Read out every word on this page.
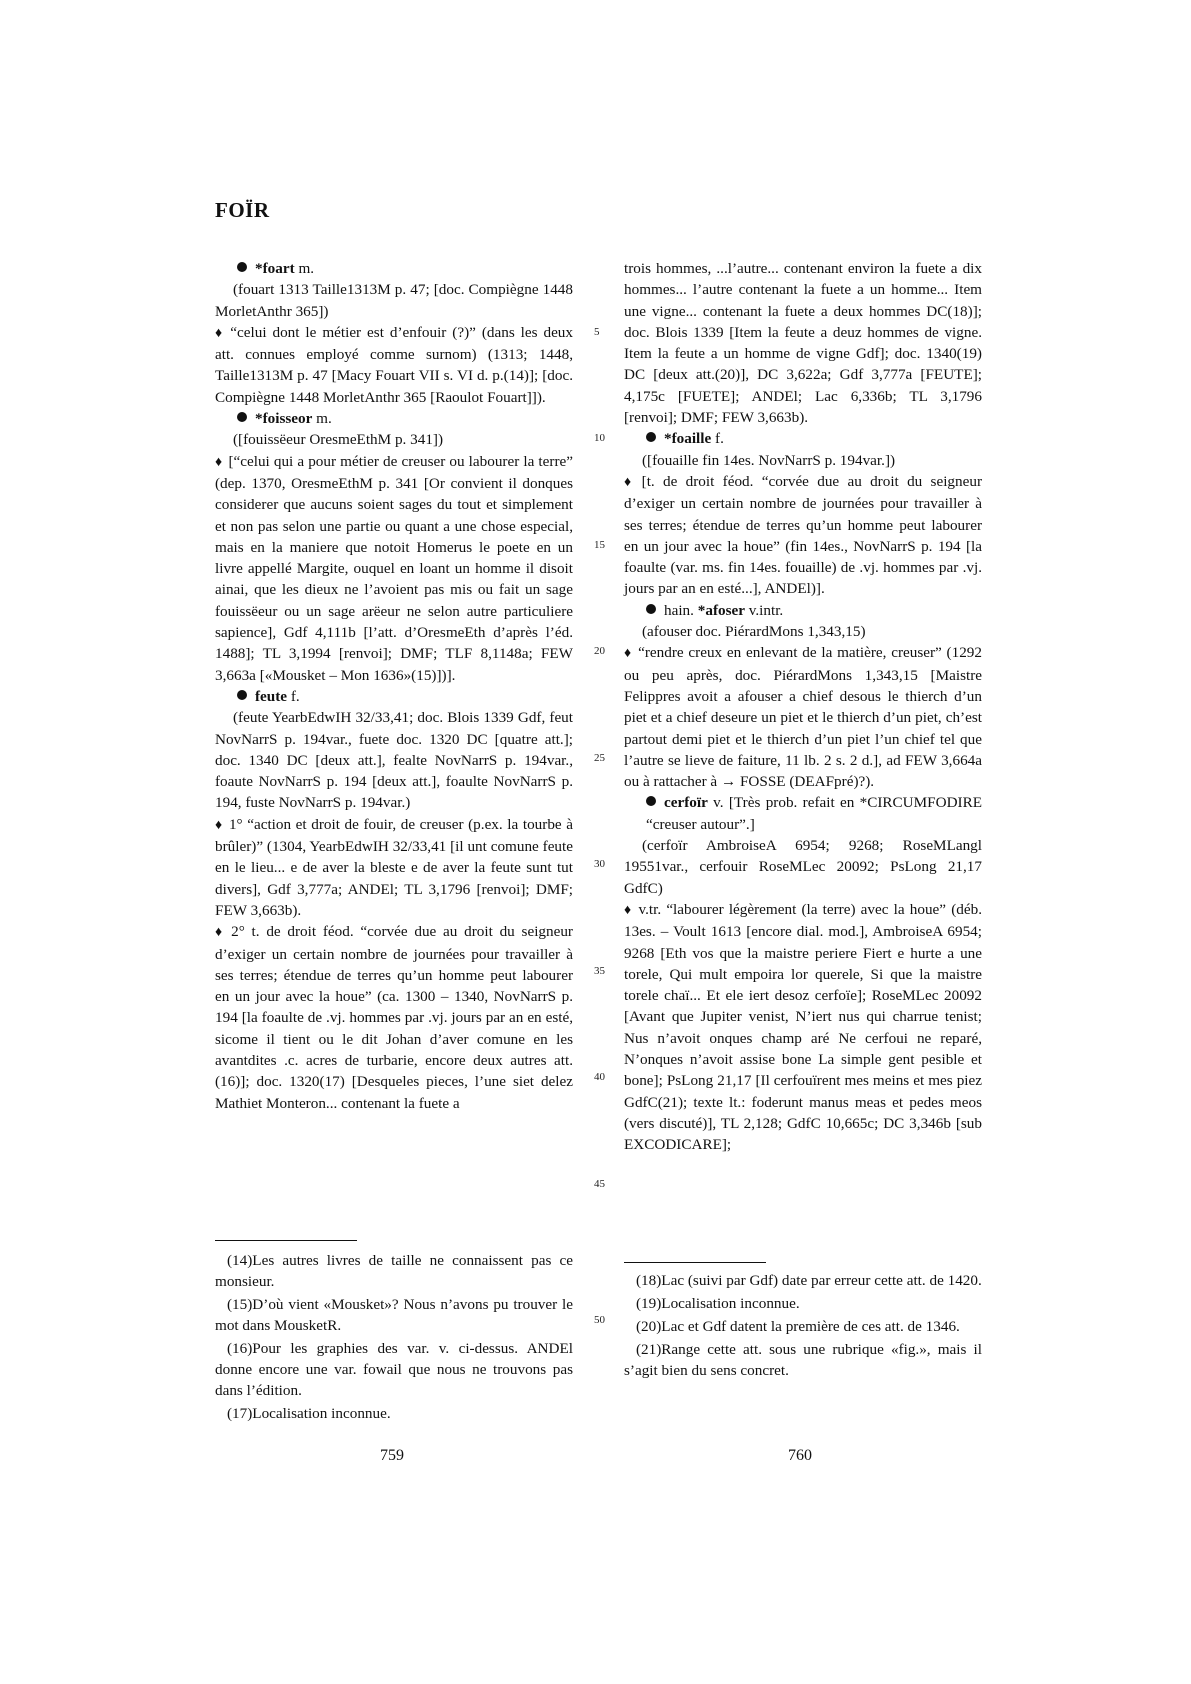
FOÏR

*foart m.

(fouart 1313 Taille1313M p. 47; [doc. Compiègne 1448 MorletAnthr 365])

♦ “celui dont le métier est d’enfouir (?)” (dans les deux att. connues employé comme surnom) (1313; 1448, Taille1313M p. 47 [Macy Fouart VII s. VI d. p.(14)]; [doc. Compiègne 1448 MorletAnthr 365 [Raoulot Fouart]]).

*foisseor m.

([fouissëeur OresmeEthM p. 341])

♦ [“celui qui a pour métier de creuser ou labourer la terre” (dep. 1370, OresmeEthM p. 341 [Or convient il donques considerer que aucuns soient sages du tout et simplement et non pas selon une partie ou quant a une chose especial, mais en la maniere que notoit Homerus le poete en un livre appellé Margite, ouquel en loant un homme il disoit ainai, que les dieux ne l’avoient pas mis ou fait un sage fouissëeur ou un sage arëeur ne selon autre particuliere sapience], Gdf 4,111b [l’att. d’OresmeEth d’après l’éd. 1488]; TL 3,1994 [renvoi]; DMF; TLF 8,1148a; FEW 3,663a [«Mousket – Mon 1636»(15)])].

feute f.

(feute YearbEdwIH 32/33,41; doc. Blois 1339 Gdf, feut NovNarrS p. 194var., fuete doc. 1320 DC [quatre att.]; doc. 1340 DC [deux att.], fealte NovNarrS p. 194var., foaute NovNarrS p. 194 [deux att.], foaulte NovNarrS p. 194, fuste NovNarrS p. 194var.)

♦ 1° “action et droit de fouir, de creuser (p.ex. la tourbe à brûler)” (1304, YearbEdwIH 32/33,41 [il unt comune feute en le lieu... e de aver la bleste e de aver la feute sunt tut divers], Gdf 3,777a; ANDEl; TL 3,1796 [renvoi]; DMF; FEW 3,663b).

♦ 2° t. de droit féod. “corvée due au droit du seigneur d’exiger un certain nombre de journées pour travailler à ses terres; étendue de terres qu’un homme peut labourer en un jour avec la houe” (ca. 1300 – 1340, NovNarrS p. 194 [la foaulte de .vj. hommes par .vj. jours par an en esté, sicome il tient ou le dit Johan d’aver comune en les avantdites .c. acres de turbarie, encore deux autres att.(16)]; doc. 1320(17) [Desqueles pieces, l’une siet delez Mathiet Monteron... contenant la fuete a

5
10
15
20
25
30
35
40
45
50

trois hommes, ...l’autre... contenant environ la fuete a dix hommes... l’autre contenant la fuete a un homme... Item une vigne... contenant la fuete a deux hommes DC(18)]; doc. Blois 1339 [Item la feute a deuz hommes de vigne. Item la feute a un homme de vigne Gdf]; doc. 1340(19) DC [deux att.(20)], DC 3,622a; Gdf 3,777a [FEUTE]; 4,175c [FUETE]; ANDEl; Lac 6,336b; TL 3,1796 [renvoi]; DMF; FEW 3,663b).

*foaille f.

([fouaille fin 14es. NovNarrS p. 194var.])

♦ [t. de droit féod. “corvée due au droit du seigneur d’exiger un certain nombre de journées pour travailler à ses terres; étendue de terres qu’un homme peut labourer en un jour avec la houe” (fin 14es., NovNarrS p. 194 [la foaulte (var. ms. fin 14es. fouaille) de .vj. hommes par .vj. jours par an en esté...], ANDEl)].

hain. *afoser v.intr.

(afouser doc. PiérardMons 1,343,15)

♦ “rendre creux en enlevant de la matière, creuser” (1292 ou peu après, doc. PiérardMons 1,343,15 [Maistre Felippres avoit a afouser a chief desous le thierch d’un piet et a chief deseure un piet et le thierch d’un piet, ch’est partout demi piet et le thierch d’un piet l’un chief tel que l’autre se lieve de faiture, 11 lb. 2 s. 2 d.], ad FEW 3,664a ou à rattacher à → FOSSE (DEAFpré)?).

cerfoïr v. [Très prob. refait en *CIRCUMFODIRE “creuser autour”.]

(cerfoïr AmbroiseA 6954; 9268; RoseMLangl 19551var., cerfouir RoseMLec 20092; PsLong 21,17 GdfC)

♦ v.tr. “labourer légèrement (la terre) avec la houe” (déb. 13es. – Voult 1613 [encore dial. mod.], AmbroiseA 6954; 9268 [Eth vos que la maistre periere Fiert e hurte a une torele, Qui mult empoira lor querele, Si que la maistre torele chaï... Et ele iert desoz cerfoïe]; RoseMLec 20092 [Avant que Jupiter venist, N’iert nus qui charrue tenist; Nus n’avoit onques champ aré Ne cerfoui ne reparé, N’onques n’avoit assise bone La simple gent pesible et bone]; PsLong 21,17 [Il cerfouïrent mes meins et mes piez GdfC(21); texte lt.: foderunt manus meas et pedes meos (vers discuté)], TL 2,128; GdfC 10,665c; DC 3,346b [sub EXCODICARE];

(14)Les autres livres de taille ne connaissent pas ce monsieur.

(15)D’où vient «Mousket»? Nous n’avons pu trouver le mot dans MousketR.

(16)Pour les graphies des var. v. ci-dessus. ANDEl donne encore une var. fowail que nous ne trouvons pas dans l’édition.

(17)Localisation inconnue.

(18)Lac (suivi par Gdf) date par erreur cette att. de 1420.

(19)Localisation inconnue.

(20)Lac et Gdf datent la première de ces att. de 1346.

(21)Range cette att. sous une rubrique «fig.», mais il s’agit bien du sens concret.

759	760
